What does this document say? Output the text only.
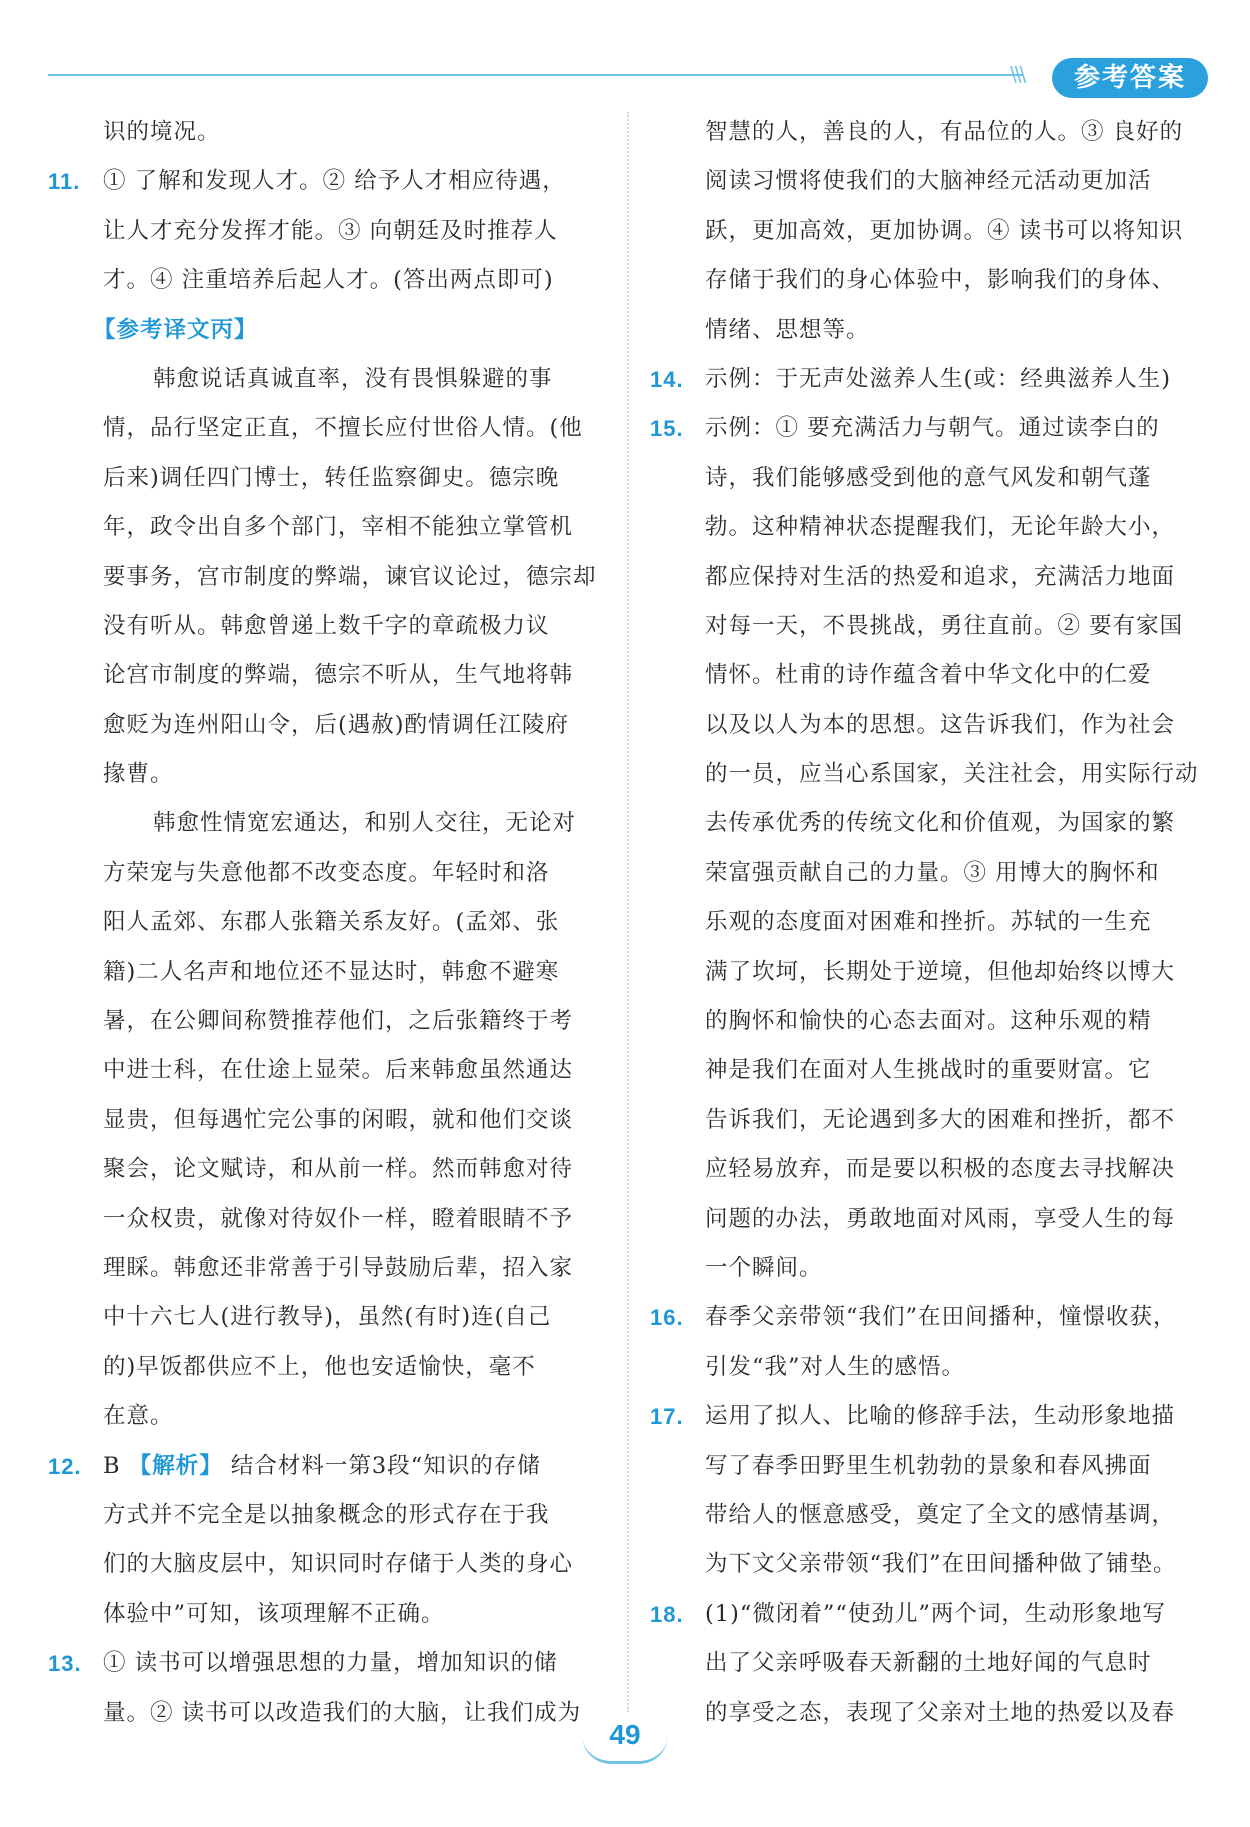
\\\	参考答案
识的境况。
11. ① 了解和发现人才。② 给予人才相应待遇，
让人才充分发挥才能。③ 向朝廷及时推荐人
才。④ 注重培养后起人才。(答出两点即可)
【参考译文丙】
韩愈说话真诚直率，没有畏惧躲避的事
情，品行坚定正直，不擅长应付世俗人情。(他
后来)调任四门博士，转任监察御史。德宗晚
年，政令出自多个部门，宰相不能独立掌管机
要事务，宫市制度的弊端，谏官议论过，德宗却
没有听从。韩愈曾递上数千字的章疏极力议
论宫市制度的弊端，德宗不听从，生气地将韩
愈贬为连州阳山令，后(遇赦)酌情调任江陵府
掾曹。
韩愈性情宽宏通达，和别人交往，无论对
方荣宠与失意他都不改变态度。年轻时和洛
阳人孟郊、东郡人张籍关系友好。(孟郊、张
籍)二人名声和地位还不显达时，韩愈不避寒
暑，在公卿间称赞推荐他们，之后张籍终于考
中进士科，在仕途上显荣。后来韩愈虽然通达
显贵，但每遇忙完公事的闲暇，就和他们交谈
聚会，论文赋诗，和从前一样。然而韩愈对待
一众权贵，就像对待奴仆一样，瞪着眼睛不予
理睬。韩愈还非常善于引导鼓励后辈，招入家
中十六七人(进行教导)，虽然(有时)连(自己
的)早饭都供应不上，他也安适愉快，毫不
在意。
12. B 【解析】 结合材料一第3段“知识的存储
方式并不完全是以抽象概念的形式存在于我
们的大脑皮层中，知识同时存储于人类的身心
体验中”可知，该项理解不正确。
13. ① 读书可以增强思想的力量，增加知识的储
量。② 读书可以改造我们的大脑，让我们成为
智慧的人，善良的人，有品位的人。③ 良好的
阅读习惯将使我们的大脑神经元活动更加活
跃，更加高效，更加协调。④ 读书可以将知识
存储于我们的身心体验中，影响我们的身体、
情绪、思想等。
14. 示例：于无声处滋养人生(或：经典滋养人生)
15. 示例：① 要充满活力与朝气。通过读李白的
诗，我们能够感受到他的意气风发和朝气蓬
勃。这种精神状态提醒我们，无论年龄大小，
都应保持对生活的热爱和追求，充满活力地面
对每一天，不畏挑战，勇往直前。② 要有家国
情怀。杜甫的诗作蕴含着中华文化中的仁爱
以及以人为本的思想。这告诉我们，作为社会
的一员，应当心系国家，关注社会，用实际行动
去传承优秀的传统文化和价值观，为国家的繁
荣富强贡献自己的力量。③ 用博大的胸怀和
乐观的态度面对困难和挫折。苏轼的一生充
满了坎坷，长期处于逆境，但他却始终以博大
的胸怀和愉快的心态去面对。这种乐观的精
神是我们在面对人生挑战时的重要财富。它
告诉我们，无论遇到多大的困难和挫折，都不
应轻易放弃，而是要以积极的态度去寻找解决
问题的办法，勇敢地面对风雨，享受人生的每
一个瞬间。
16. 春季父亲带领“我们”在田间播种，憧憬收获，
引发“我”对人生的感悟。
17. 运用了拟人、比喻的修辞手法，生动形象地描
写了春季田野里生机勃勃的景象和春风拂面
带给人的惬意感受，奠定了全文的感情基调，
为下文父亲带领“我们”在田间播种做了铺垫。
18. (1)“微闭着”“使劲儿”两个词，生动形象地写
出了父亲呼吸春天新翻的土地好闻的气息时
的享受之态，表现了父亲对土地的热爱以及春
49
